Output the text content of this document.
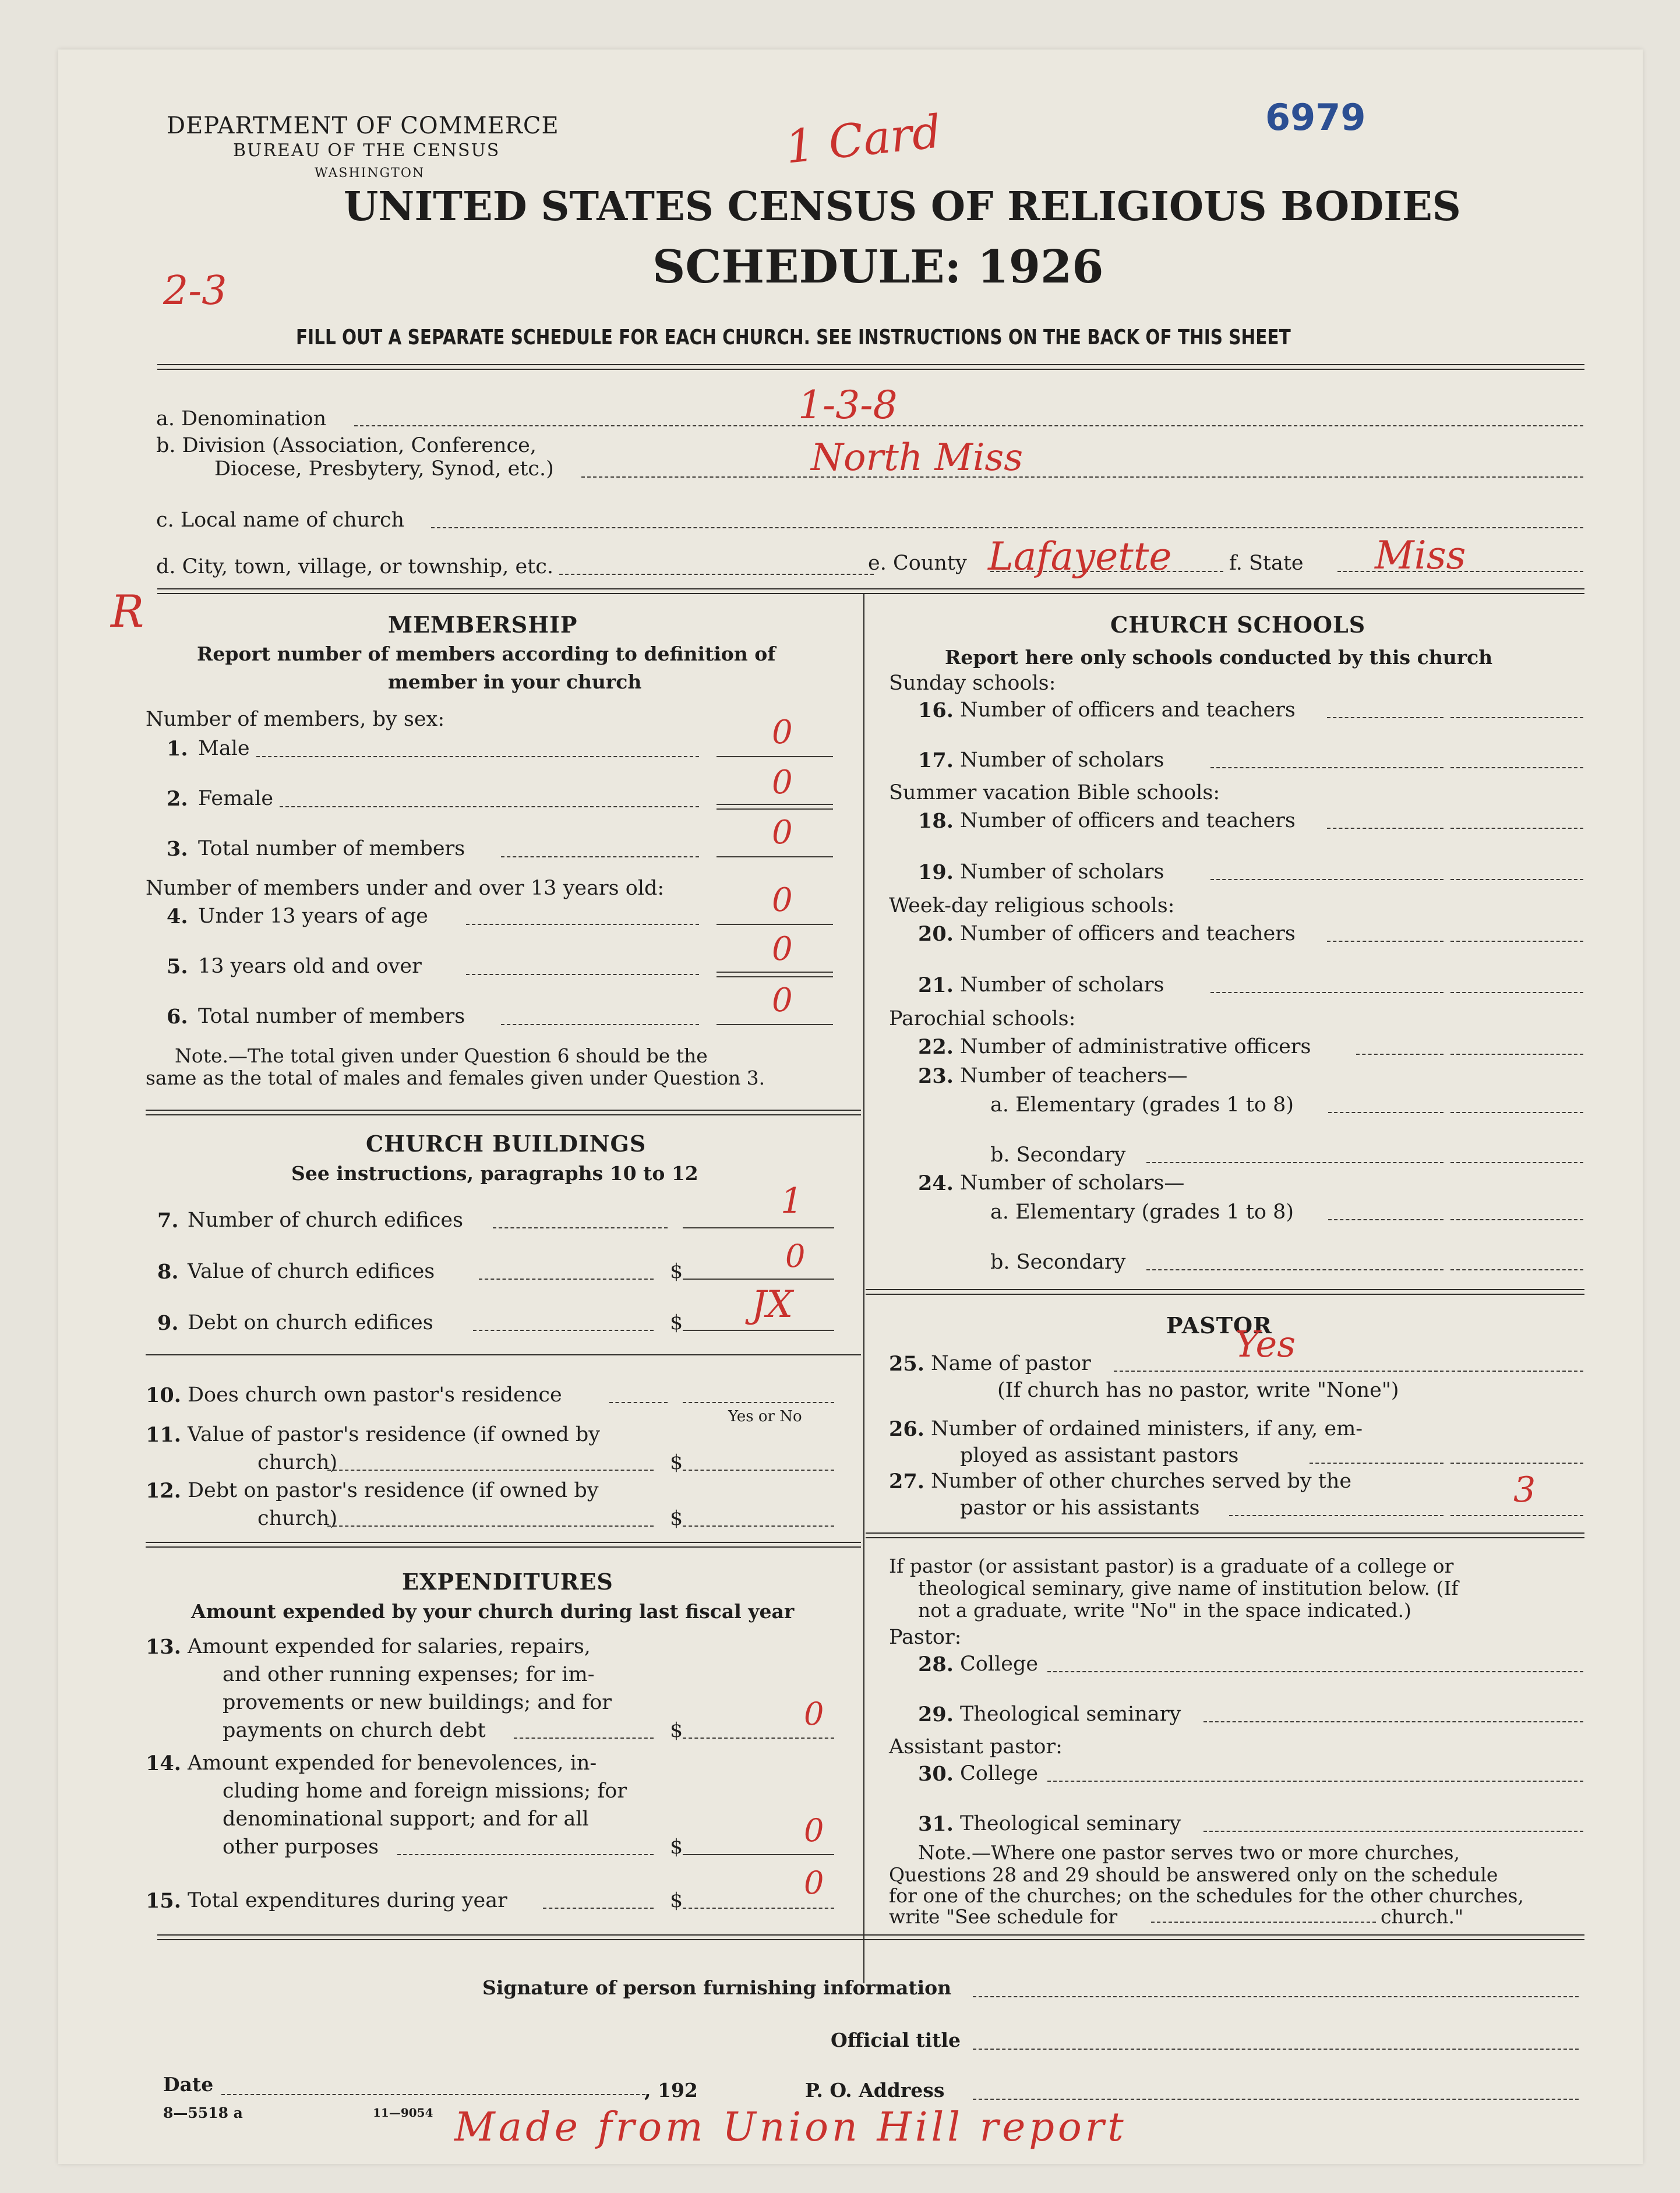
DEPARTMENT OF COMMERCE
BUREAU OF THE CENSUS
WASHINGTON
6979
1 Card
UNITED STATES CENSUS OF RELIGIOUS BODIES
SCHEDULE: 1926
2-3
FILL OUT A SEPARATE SCHEDULE FOR EACH CHURCH. SEE INSTRUCTIONS ON THE BACK OF THIS SHEET
a. Denomination	1-3-8
b. Division (Association, Conference,
Diocese, Presbytery, Synod, etc.)	North Miss
c. Local name of church
d. City, town, village, or township, etc.	e. County Lafayette	f. State Miss
R	MEMBERSHIP
Report number of members according to definition of
member in your church
Number of members, by sex:
1. Male	0
2. Female	0
3. Total number of members	0
Number of members under and over 13 years old:
4. Under 13 years of age	0
5. 13 years old and over	0
6. Total number of members	0
Note.—The total given under Question 6 should be the
same as the total of males and females given under Question 3.
CHURCH BUILDINGS
See instructions, paragraphs 10 to 12
7. Number of church edifices	1
8. Value of church edifices	$	0
9. Debt on church edifices	$ JX
10. Does church own pastor's residence
Yes or No
11. Value of pastor's residence (if owned by
church)	$
12. Debt on pastor's residence (if owned by
church)	$
EXPENDITURES
Amount expended by your church during last fiscal year
13. Amount expended for salaries, repairs,
and other running expenses; for im-
provements or new buildings; and for
payments on church debt	$	0
14. Amount expended for benevolences, in-
cluding home and foreign missions; for
denominational support; and for all
other purposes	$	0
15. Total expenditures during year	$	0
CHURCH SCHOOLS
Report here only schools conducted by this church
Sunday schools:
16. Number of officers and teachers
17. Number of scholars
Summer vacation Bible schools:
18. Number of officers and teachers
19. Number of scholars
Week-day religious schools:
20. Number of officers and teachers
21. Number of scholars
Parochial schools:
22. Number of administrative officers
23. Number of teachers—
a. Elementary (grades 1 to 8)
b. Secondary
24. Number of scholars—
a. Elementary (grades 1 to 8)
b. Secondary
PASTOR
25. Name of pastor	Yes
(If church has no pastor, write "None")
26. Number of ordained ministers, if any, em-
ployed as assistant pastors
27. Number of other churches served by the
pastor or his assistants	3
If pastor (or assistant pastor) is a graduate of a college or
theological seminary, give name of institution below. (If
not a graduate, write "No" in the space indicated.)
Pastor:
28. College
29. Theological seminary
Assistant pastor:
30. College
31. Theological seminary
Note.—Where one pastor serves two or more churches,
Questions 28 and 29 should be answered only on the schedule
for one of the churches; on the schedules for the other churches,
write "See schedule for	church."
Signature of person furnishing information
Official title
Date	, 192	P. O. Address
8—5518 a	11—9054 Made from Union Hill report
